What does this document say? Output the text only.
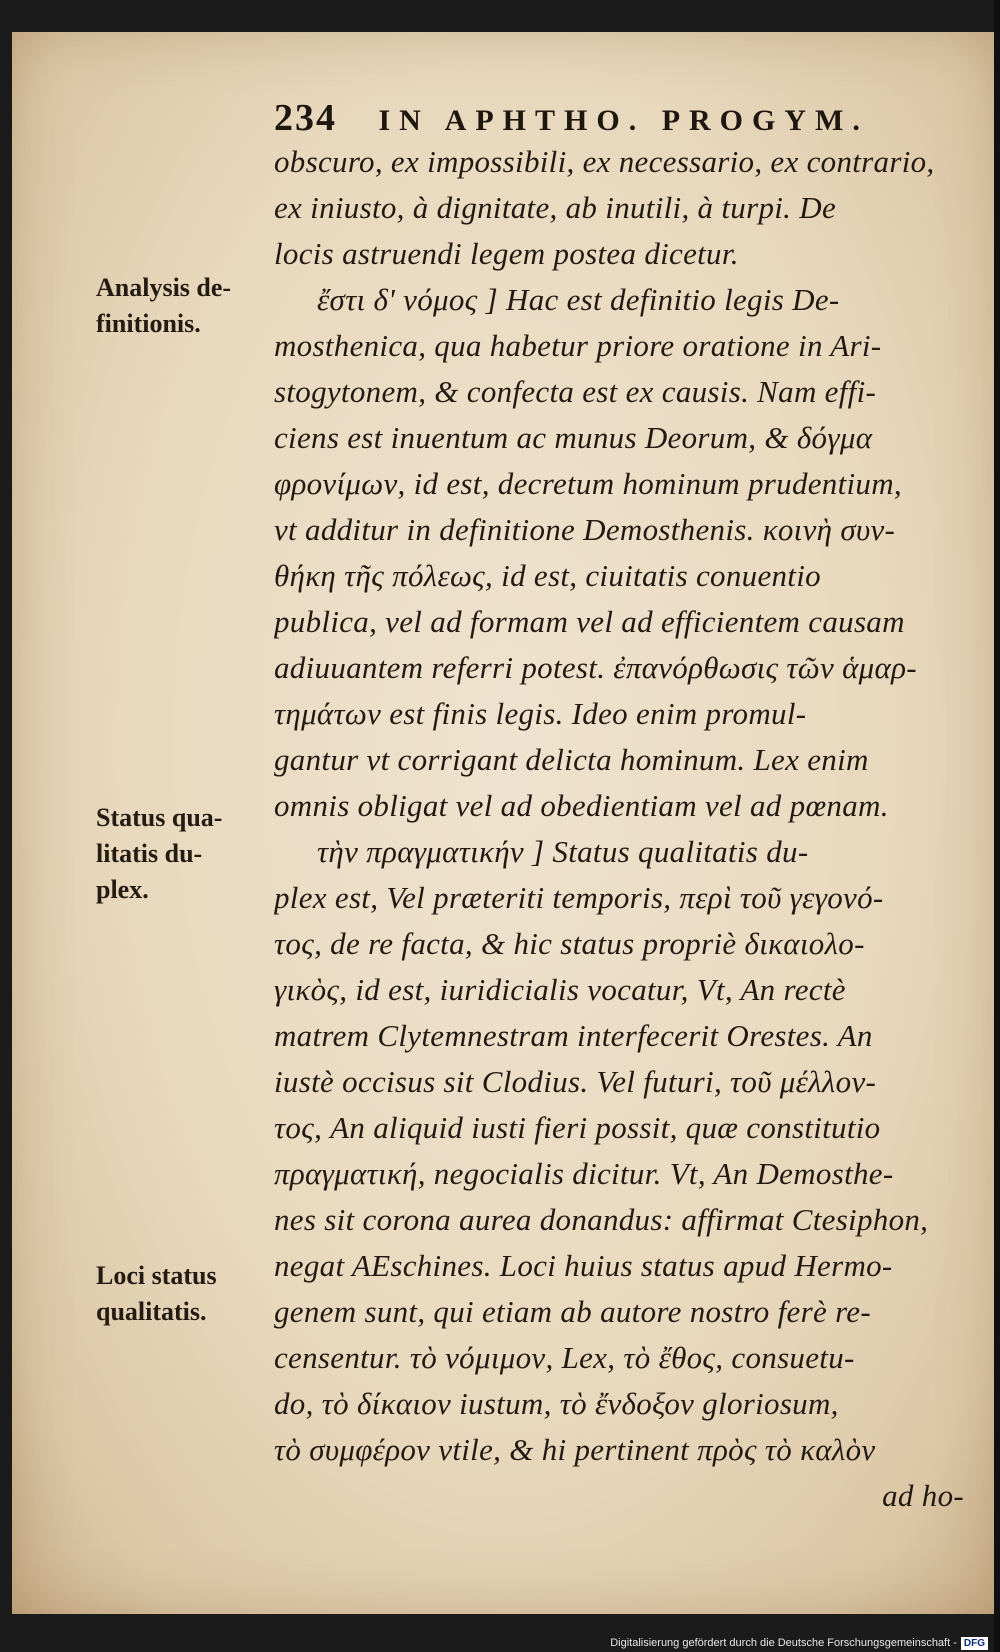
234 IN APHTHO. PROGYM.
Analysis de-
finitionis.
Status qua-
litatis du-
plex.
Loci status
qualitatis.
obscuro, ex impossibili, ex necessario, ex contrario,
ex iniusto, à dignitate, ab inutili, à turpi. De
locis astruendi legem postea dicetur.
ἔστι δ' νόμος ] Hac est definitio legis De-
mosthenica, qua habetur priore oratione in Ari-
stogytonem, & confecta est ex causis. Nam effi-
ciens est inuentum ac munus Deorum, & δόγμα
φρονίμων, id est, decretum hominum prudentium,
vt additur in definitione Demosthenis. κοινὴ συν-
θήκη τῆς πόλεως, id est, ciuitatis conuentio
publica, vel ad formam vel ad efficientem causam
adiuuantem referri potest. ἐπανόρθωσις τῶν ἁμαρ-
τημάτων est finis legis. Ideo enim promul-
gantur vt corrigant delicta hominum. Lex enim
omnis obligat vel ad obedientiam vel ad pœnam.
τὴν πραγματικήν ] Status qualitatis du-
plex est, Vel præteriti temporis, περὶ τοῦ γεγονό-
τος, de re facta, & hic status propriè δικαιολο-
γικὸς, id est, iuridicialis vocatur, Vt, An rectè
matrem Clytemnestram interfecerit Orestes. An
iustè occisus sit Clodius. Vel futuri, τοῦ μέλλον-
τος, An aliquid iusti fieri possit, quæ constitutio
πραγματική, negocialis dicitur. Vt, An Demosthe-
nes sit corona aurea donandus: affirmat Ctesiphon,
negat AEschines. Loci huius status apud Hermo-
genem sunt, qui etiam ab autore nostro ferè re-
censentur. τὸ νόμιμον, Lex, τὸ ἔθος, consuetu-
do, τὸ δίκαιον iustum, τὸ ἔνδοξον gloriosum,
τὸ συμφέρον vtile, & hi pertinent πρὸς τὸ καλὸν
ad ho-
Digitalisierung gefördert durch die Deutsche Forschungsgemeinschaft - DFG
